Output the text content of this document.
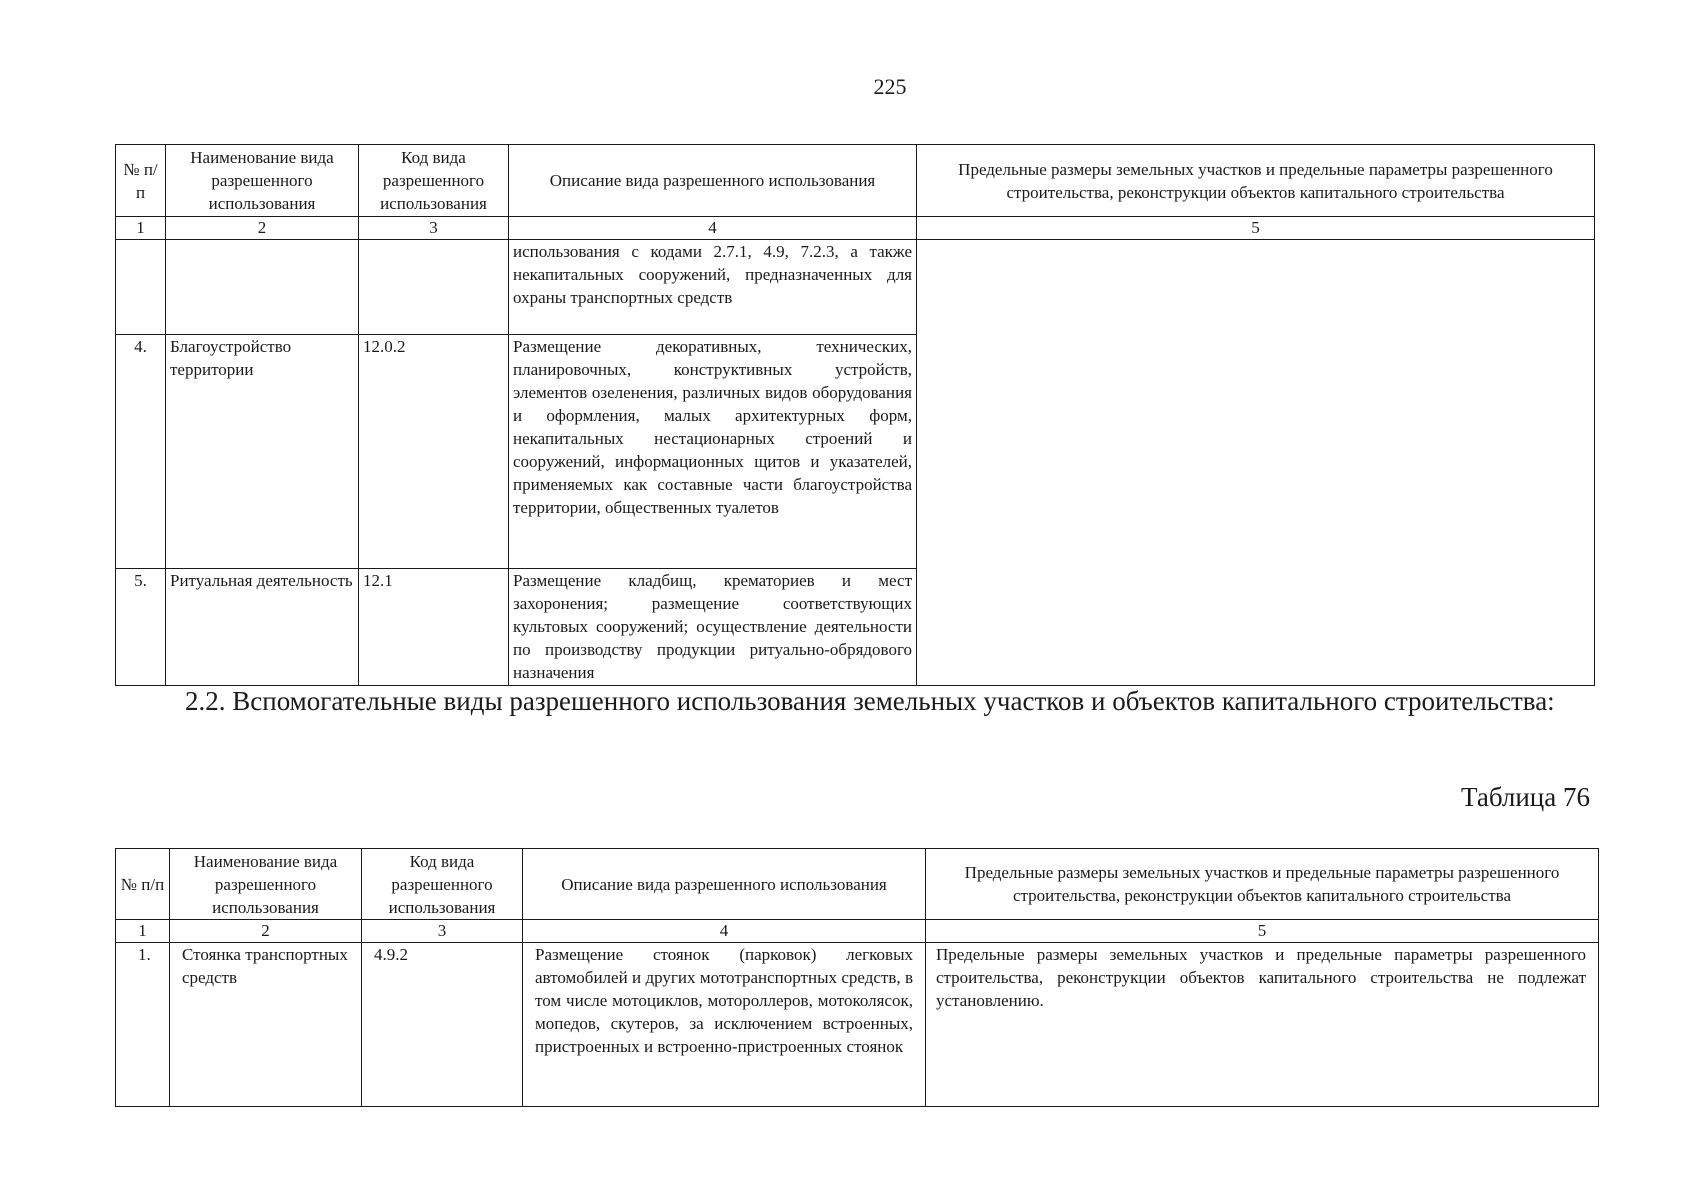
225
№ п/п	Наименование вида разрешенного использования	Код вида разрешенного использования	Описание вида разрешенного использования	Предельные размеры земельных участков и предельные параметры разрешенного строительства, реконструкции объектов капитального строительства
1	2	3	4	5
			использования с кодами 2.7.1, 4.9, 7.2.3, а также некапитальных сооружений, предназначенных для охраны транспортных средств	
4.	Благоустройство территории	12.0.2	Размещение декоративных, технических, планировочных, конструктивных устройств, элементов озеленения, различных видов оборудования и оформления, малых архитектурных форм, некапитальных нестационарных строений и сооружений, информационных щитов и указателей, применяемых как составные части благоустройства территории, общественных туалетов	
5.	Ритуальная деятельность	12.1	Размещение кладбищ, крематориев и мест захоронения; размещение соответствующих культовых сооружений; осуществление деятельности по производству продукции ритуально-обрядового назначения	
2.2. Вспомогательные виды разрешенного использования земельных участков и объектов капитального строительства:
Таблица 76
№ п/п	Наименование вида разрешенного использования	Код вида разрешенного использования	Описание вида разрешенного использования	Предельные размеры земельных участков и предельные параметры разрешенного строительства, реконструкции объектов капитального строительства
1	2	3	4	5
1.	Стоянка транспортных средств	4.9.2	Размещение стоянок (парковок) легковых автомобилей и других мототранспортных средств, в том числе мотоциклов, мотороллеров, мотоколясок, мопедов, скутеров, за исключением встроенных, пристроенных и встроенно-пристроенных стоянок	Предельные размеры земельных участков и предельные параметры разрешенного строительства, реконструкции объектов капитального строительства не подлежат установлению.
